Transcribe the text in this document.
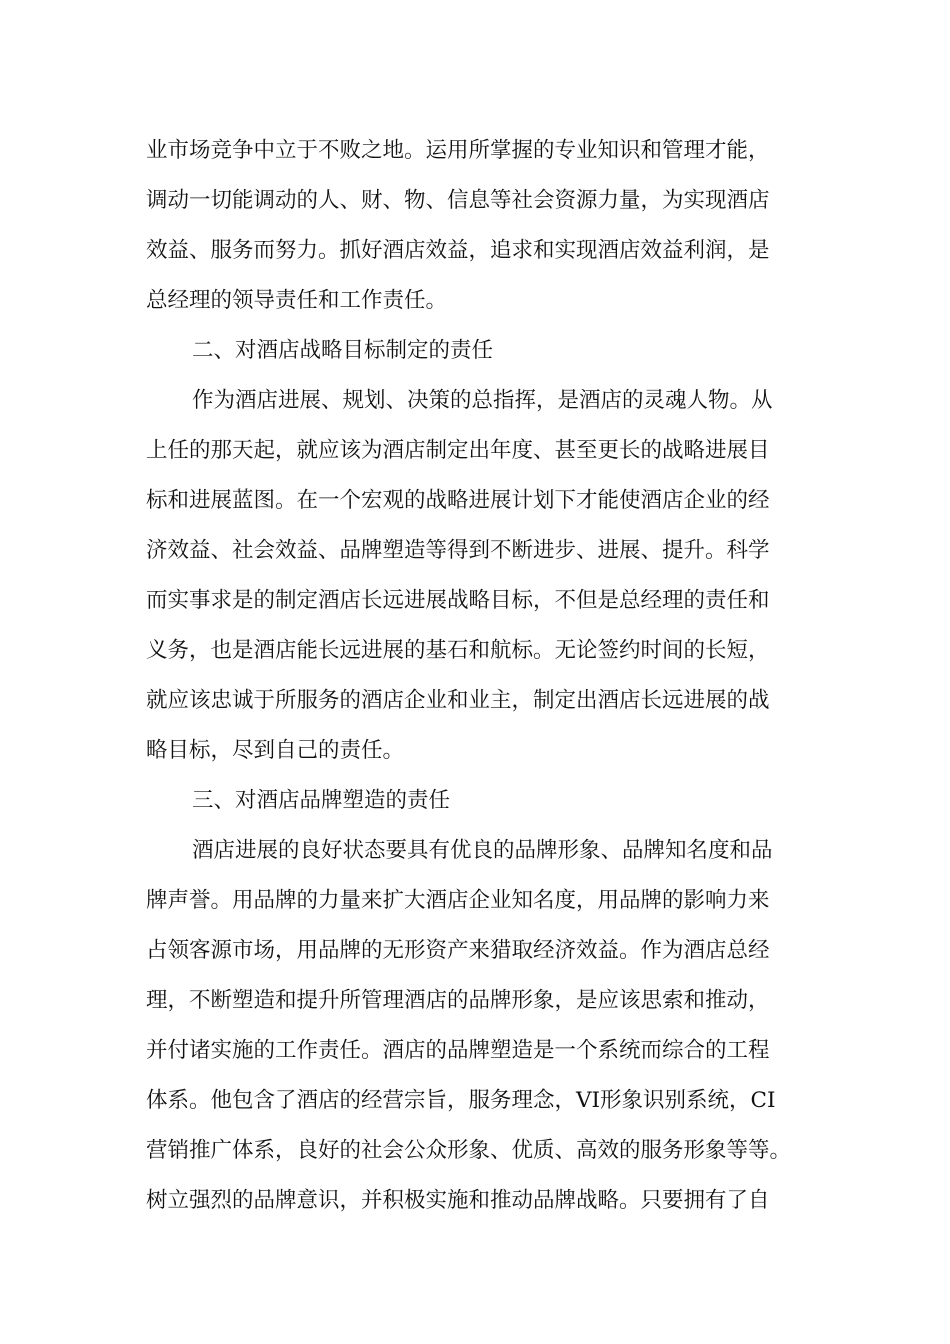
业市场竞争中立于不败之地。运用所掌握的专业知识和管理才能，

调动一切能调动的人、财、物、信息等社会资源力量，为实现酒店

效益、服务而努力。抓好酒店效益，追求和实现酒店效益利润，是

总经理的领导责任和工作责任。

二、对酒店战略目标制定的责任

作为酒店进展、规划、决策的总指挥，是酒店的灵魂人物。从

上任的那天起，就应该为酒店制定出年度、甚至更长的战略进展目

标和进展蓝图。在一个宏观的战略进展计划下才能使酒店企业的经

济效益、社会效益、品牌塑造等得到不断进步、进展、提升。科学

而实事求是的制定酒店长远进展战略目标，不但是总经理的责任和

义务，也是酒店能长远进展的基石和航标。无论签约时间的长短，

就应该忠诚于所服务的酒店企业和业主，制定出酒店长远进展的战

略目标，尽到自己的责任。

三、对酒店品牌塑造的责任

酒店进展的良好状态要具有优良的品牌形象、品牌知名度和品

牌声誉。用品牌的力量来扩大酒店企业知名度，用品牌的影响力来

占领客源市场，用品牌的无形资产来猎取经济效益。作为酒店总经

理，不断塑造和提升所管理酒店的品牌形象，是应该思索和推动，

并付诸实施的工作责任。酒店的品牌塑造是一个系统而综合的工程

体系。他包含了酒店的经营宗旨，服务理念，VI形象识别系统，CI

营销推广体系，良好的社会公众形象、优质、高效的服务形象等等。

树立强烈的品牌意识，并积极实施和推动品牌战略。只要拥有了自
